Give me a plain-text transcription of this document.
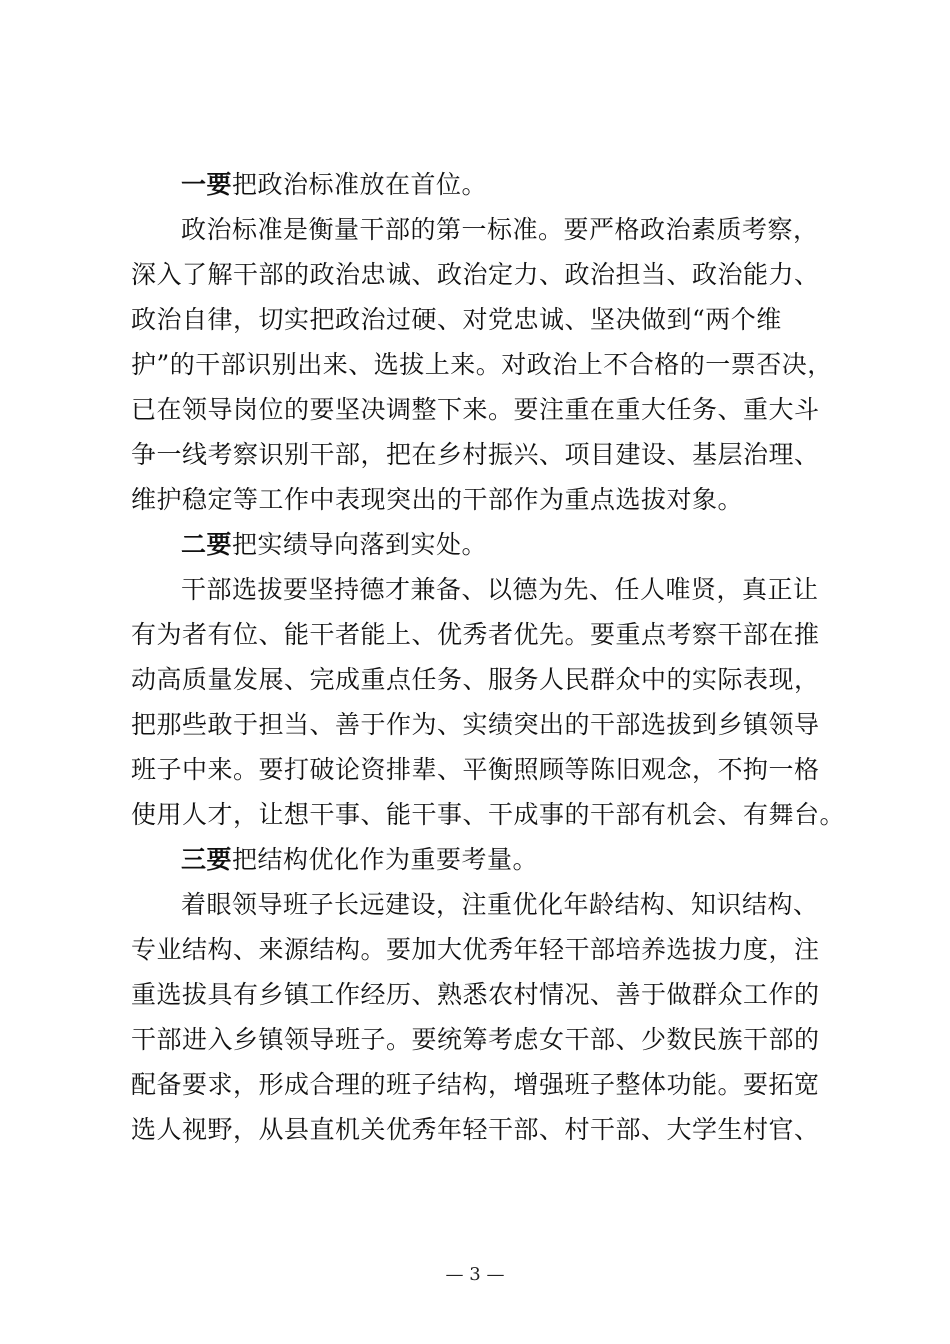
一要把政治标准放在首位。
政治标准是衡量干部的第一标准。要严格政治素质考察，
深入了解干部的政治忠诚、政治定力、政治担当、政治能力、
政治自律，切实把政治过硬、对党忠诚、坚决做到“两个维
护”的干部识别出来、选拔上来。对政治上不合格的一票否决，
已在领导岗位的要坚决调整下来。要注重在重大任务、重大斗
争一线考察识别干部，把在乡村振兴、项目建设、基层治理、
维护稳定等工作中表现突出的干部作为重点选拔对象。
二要把实绩导向落到实处。
干部选拔要坚持德才兼备、以德为先、任人唯贤，真正让
有为者有位、能干者能上、优秀者优先。要重点考察干部在推
动高质量发展、完成重点任务、服务人民群众中的实际表现，
把那些敢于担当、善于作为、实绩突出的干部选拔到乡镇领导
班子中来。要打破论资排辈、平衡照顾等陈旧观念，不拘一格
使用人才，让想干事、能干事、干成事的干部有机会、有舞台。
三要把结构优化作为重要考量。
着眼领导班子长远建设，注重优化年龄结构、知识结构、
专业结构、来源结构。要加大优秀年轻干部培养选拔力度，注
重选拔具有乡镇工作经历、熟悉农村情况、善于做群众工作的
干部进入乡镇领导班子。要统筹考虑女干部、少数民族干部的
配备要求，形成合理的班子结构，增强班子整体功能。要拓宽
选人视野，从县直机关优秀年轻干部、村干部、大学生村官、
— 3 —
